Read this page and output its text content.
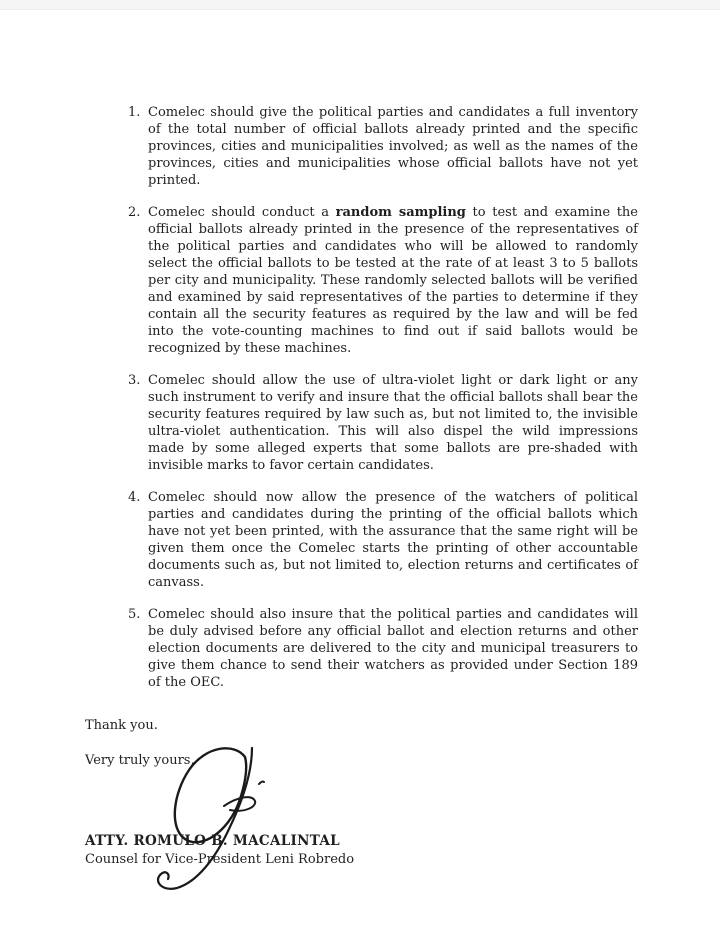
1. Comelec should give the political parties and candidates a full inventory of the total number of official ballots already printed and the specific provinces, cities and municipalities involved; as well as the names of the provinces, cities and municipalities whose official ballots have not yet printed.

2. Comelec should conduct a random sampling to test and examine the official ballots already printed in the presence of the representatives of the political parties and candidates who will be allowed to randomly select the official ballots to be tested at the rate of at least 3 to 5 ballots per city and municipality. These randomly selected ballots will be verified and examined by said representatives of the parties to determine if they contain all the security features as required by the law and will be fed into the vote-counting machines to find out if said ballots would be recognized by these machines.

3. Comelec should allow the use of ultra-violet light or dark light or any such instrument to verify and insure that the official ballots shall bear the security features required by law such as, but not limited to, the invisible ultra-violet authentication. This will also dispel the wild impressions made by some alleged experts that some ballots are pre-shaded with invisible marks to favor certain candidates.

4. Comelec should now allow the presence of the watchers of political parties and candidates during the printing of the official ballots which have not yet been printed, with the assurance that the same right will be given them once the Comelec starts the printing of other accountable documents such as, but not limited to, election returns and certificates of canvass.

5. Comelec should also insure that the political parties and candidates will be duly advised before any official ballot and election returns and other election documents are delivered to the city and municipal treasurers to give them chance to send their watchers as provided under Section 189 of the OEC.

Thank you.

Very truly yours,

ATTY. ROMULO B. MACALINTAL

Counsel for Vice-President Leni Robredo
